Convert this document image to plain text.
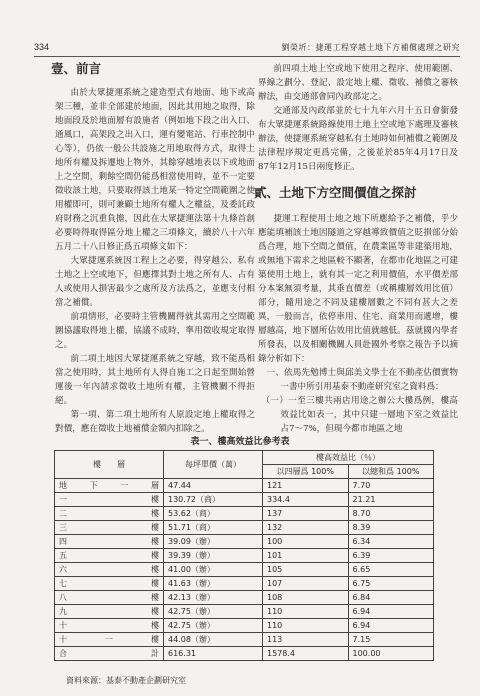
334	劉榮圻：捷運工程穿越土地下方補償處理之研究
壹、前言

由於大眾捷運系統之建造型式有地面、地下或高架三種，並非全部建於地面，因此其用地之取得，除地面段及於地面層有設施者（例如地下段之出入口、通風口，高架段之出入口，運有變電站、行車控制中心等），仍依一般公共設施之用地取得方式，取得土地所有權及拆遷地上物外，其餘穿越地表以下或地面上之空間，剩餘空間仍能爲相當使用時，並不一定要徵收該土地，只要取得該土地某一特定空間範圍之使用權即可，則可兼顧土地所有權人之權益，及委託政府財務之沉重負擔，因此在大眾捷運法第十九條首創必要時得取得區分地上權之三項條文，續於八十六年五月二十八日修正爲五項條文如下：

大眾捷運系統因工程上之必要，得穿越公、私有土地之上空或地下，但應擇其對土地之所有人、占有人或使用人損害最少之處所及方法爲之，並應支付相當之補償。

前項情形，必要時主管機關得就其需用之空間範圍協議取得地上權，協議不成時，準用徵收規定取得之。

前二項土地因大眾捷運系統之穿越，致不能爲相當之使用時，其土地所有人得自施工之日起至開始營運後一年內請求徵收土地所有權，主管機關不得拒絕。

第一項、第二項土地所有人原設定地上權取得之對價，應在徵收土地補償金額內扣除之。

前四項土地上空或地下使用之程序、使用範圍、界線之劃分、登記、設定地上權、徵收、補償之審核辦法，由交通部會同內政部定之。

交通部及內政部並於七十九年六月十五日會銜發布大眾捷運系統路線使用土地上空或地下處理及審核辦法，使捷運系統穿越私有土地時如何補償之範圍及法律程序規定更爲完備，之後並於85年4月17日及87年12月15日兩度修正。

貳、土地下方空間價值之探討

捷運工程使用土地之地下所應給予之補償，乎少應能填補該土地因隧道之穿越導致價值之貶損部分始爲合理，地下空間之價值，在農業區等非建築用地，或無地下需求之地區較不顯著，在都市化地區之可建築使用土地上，就有其一定之利用價值，水平價差部分本案無須考量，其垂直價差（或稱樓層效用比值）部分，隨用途之不同及建樓層數之不同有甚大之差異，一般而言，依停車用、住宅、商業用而遞增，樓層越高，地下層所佔效用比值就越低。茲就國內學者所發表，以及相關機關人員赴國外考察之報告予以摘錄分析如下：

一、依馬先勉博士與邱美文學士在不動產估價實物一書中所引用基泰不動產研究室之資料爲：

（一）一至三樓共兩店用途之辦公大樓爲例，樓高效益比如表一，其中只建一層地下室之效益比占7～7%，但現今都市地區之地

表一、樓高效益比參考表
樓　　層	每坪單價（萬）	樓高效益比（％）	
		以四層爲 100%	以總和爲 100%
地下一層	47.44	121	7.70
一樓	130.72（商）	334.4	21.21
二樓	53.62（商）	137	8.70
三樓	51.71（商）	132	8.39
四樓	39.09（辦）	100	6.34
五樓	39.39（辦）	101	6.39
六樓	41.00（辦）	105	6.65
七樓	41.63（辦）	107	6.75
八樓	42.13（辦）	108	6.84
九樓	42.75（辦）	110	6.94
十樓	42.75（辦）	110	6.94
十一樓	44.08（辦）	113	7.15
合計	616.31	1578.4	100.00
資料來源：基泰不動產企劃研究室
